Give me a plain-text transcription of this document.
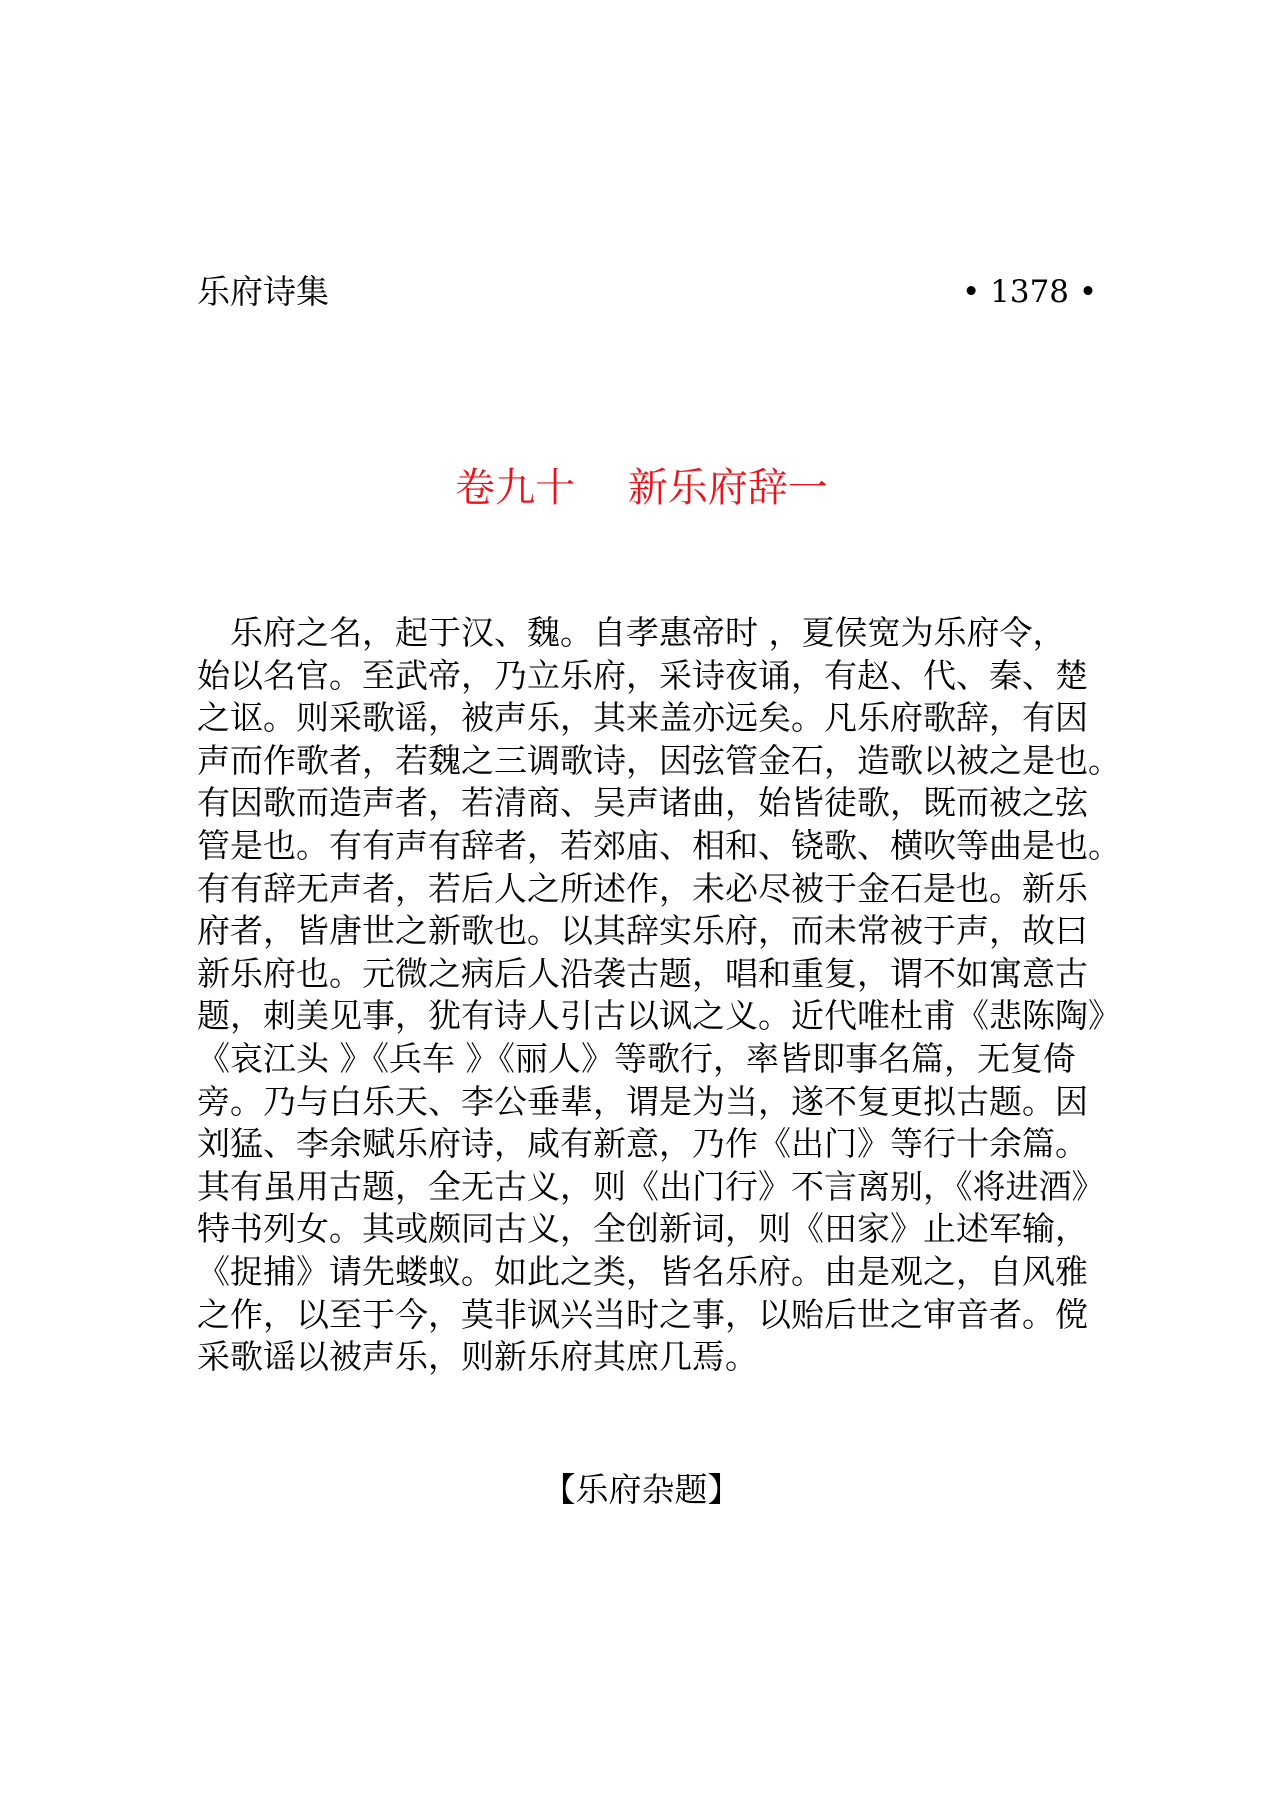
乐府诗集	• 1378 •
卷九十　 新乐府辞一
　乐府之名，起于汉、魏。自孝惠帝时 ，夏侯宽为乐府令，
始以名官。至武帝，乃立乐府，采诗夜诵，有赵、代、秦、楚
之讴。则采歌谣，被声乐，其来盖亦远矣。凡乐府歌辞，有因
声而作歌者，若魏之三调歌诗，因弦管金石，造歌以被之是也。
有因歌而造声者，若清商、吴声诸曲，始皆徒歌，既而被之弦
管是也。有有声有辞者，若郊庙、相和、铙歌、横吹等曲是也。
有有辞无声者，若后人之所述作，未必尽被于金石是也。新乐
府者，皆唐世之新歌也。以其辞实乐府，而未常被于声，故曰
新乐府也。元微之病后人沿袭古题，唱和重复，谓不如寓意古
题，刺美见事，犹有诗人引古以讽之义。近代唯杜甫《悲陈陶》
《哀江头 》《兵车 》《丽人》等歌行，率皆即事名篇，无复倚
旁。乃与白乐天、李公垂辈，谓是为当，遂不复更拟古题。因
刘猛、李余赋乐府诗，咸有新意，乃作《出门》等行十余篇。
其有虽用古题，全无古义，则《出门行》不言离别，《将进酒》
特书列女。其或颇同古义，全创新词，则《田家》止述军输，
《捉捕》请先蝼蚁。如此之类，皆名乐府。由是观之，自风雅
之作，以至于今，莫非讽兴当时之事，以贻后世之审音者。傥
采歌谣以被声乐，则新乐府其庶几焉。
【乐府杂题】
